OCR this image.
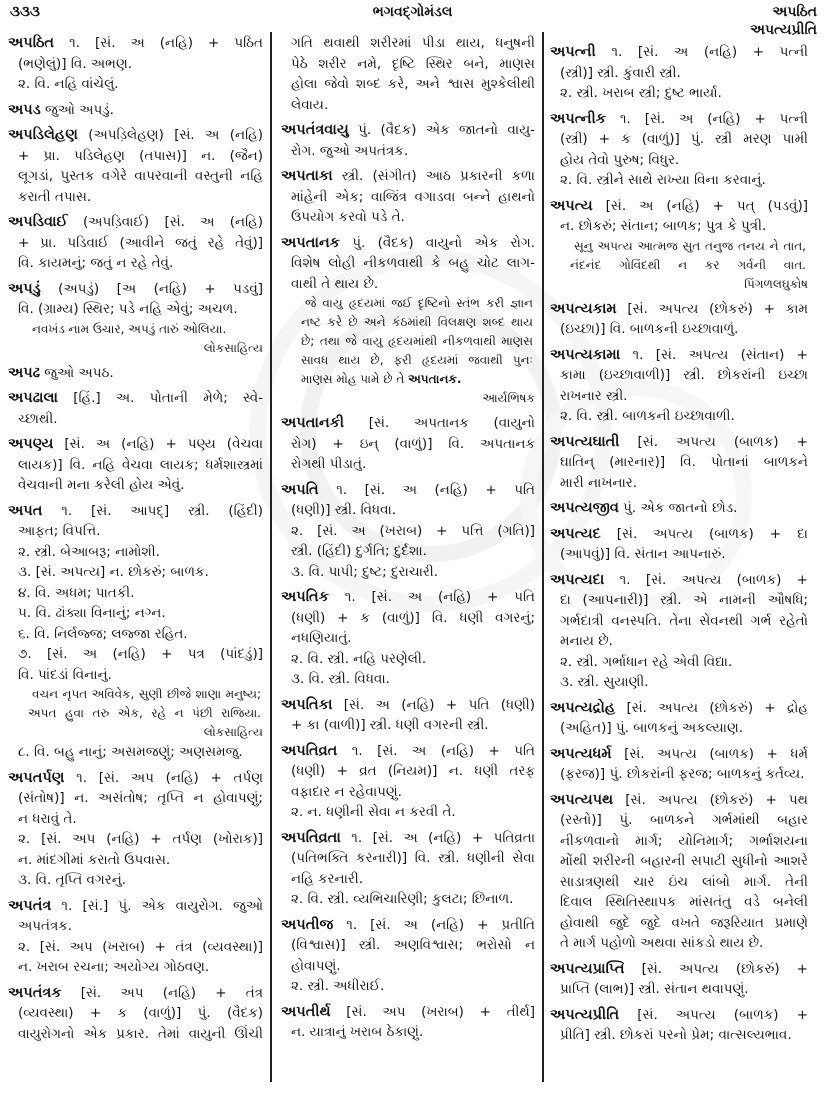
૩૩૩	ભગવદ્ગોમંડલ	અપઠિત
અપત્યપ્રીતિ
અપઠિત ૧. [સં. અ (નહિ) + પઠિત
(ભણેલું)] વિ. અભણ.
૨. વિ. નહિ વાંચેલું.
અપડ જુઓ અપડું.
અપડિલેહણ (અપડ઼િલેહણ) [સં. અ (નહિ)
+ પ્રા. પડિલેહણ (તપાસ)] ન. (જૈન)
લૂગડાં, પુસ્તક વગેરે વાપરવાની વસ્તુની નહિ
કરાતી તપાસ.
અપડિવાઈ (અપડ઼િવાઈ) [સં. અ (નહિ)
+ પ્રા. પડિવાઈ (આવીને જતું રહે તેવું)]
વિ. કાયમનું; જતું ન રહે તેવું.
અપડું (અપડું) [અ (નહિ) + પડવું]
વિ. (ગ્રામ્ય) સ્થિર; પડે નહિ એવું; અચળ.
નવખંડ નામ ઉચાર, અપડું તારું ઓલિયા.
લોકસાહિત્ય
અપઢ જુઓ અપઠ.
અપઢાલા [હિં.] અ. પોતાની મેળે; સ્વે-
ચ્છાથી.
અપણ્ય [સં. અ (નહિ) + પણ્ય (વેચવા
લાયક)] વિ. નહિ વેચવા લાયક; ધર્મશાસ્ત્રમાં
વેચવાની મના કરેલી હોય એવું.
અપત ૧. [સં. આપદ્] સ્ત્રી. (હિંદી)
આફત; વિપત્તિ.
૨. સ્ત્રી. બેઆબરૂ; નામોશી.
૩. [સં. અપત્ય] ન. છોકરું; બાળક.
૪. વિ. અધમ; પાતકી.
૫. વિ. ઢાંક્યા વિનાનું; નગ્ન.
૬. વિ. નિર્લજ્જ; લજ્જા રહિત.
૭. [સં. અ (નહિ) + પત્ર (પાંદડું)]
વિ. પાંદડાં વિનાનું.
વચન નૃપત અવિવેક, સુણી છીજે શાણા મનુષ્ય;
અપત હુવા તરુ એક, રહે ન પંછી રાજિયા.
લોકસાહિત્ય
૮. વિ. બહુ નાનું; અસમજણું; અણસમજુ.
અપતર્પણ ૧. [સં. અપ (નહિ) + તર્પણ
(સંતોષ)] ન. અસંતોષ; તૃપ્તિ ન હોવાપણું;
ન ધરાવું તે.
૨. [સં. અપ (નહિ) + તર્પણ (ખોરાક)]
ન. માંદગીમાં કરાતો ઉપવાસ.
૩. વિ. તૃપ્તિ વગરનું.
અપતંત્ર ૧. [સં.] પું. એક વાયુરોગ. જુઓ
અપતંત્રક.
૨. [સં. અપ (ખરાબ) + તંત્ર (વ્યવસ્થા)]
ન. ખરાબ રચના; અયોગ્ય ગોઠવણ.
અપતંત્રક [સં. અપ (નહિ) + તંત્ર
(વ્યવસ્થા) + ક (વાળું)] પું. (વૈદક)
વાયુરોગનો એક પ્રકાર. તેમાં વાયુની ઊંચી
ગતિ થવાથી શરીરમાં પીડા થાય, ધનુષની
પેઠે શરીર નમે, દૃષ્ટિ સ્થિર બને, માણસ
હોલા જેવો શબ્દ કરે, અને શ્વાસ મુશ્કેલીથી
લેવાય.
અપતંત્રવાયુ પું. (વૈદક) એક જાતનો વાયુ-
રોગ. જુઓ અપતંત્રક.
અપતાકા સ્ત્રી. (સંગીત) આઠ પ્રકારની કળા
માંહેની એક; વાજિંત્ર વગાડવા બન્ને હાથનો
ઉપયોગ કરવો પડે તે.
અપતાનક પું. (વૈદક) વાયુનો એક રોગ.
વિશેષ લોહી નીકળવાથી કે બહુ ચોટ લાગ-
વાથી તે થાય છે.
જે વાયુ હૃદયમાં જઈ દૃષ્ટિનો સ્તંભ કરી જ્ઞાન
નષ્ટ કરે છે અને કંઠમાંથી વિલક્ષણ શબ્દ થાય
છે; તથા જે વાયુ હૃદયમાંથી નીકળવાથી માણસ
સાવધ થાય છે, ફરી હૃદયમાં જવાથી પુનઃ
માણસ મોહ પામે છે તે અપતાનક.
આર્યભિષક
અપતાનકી [સં. અપતાનક (વાયુનો
રોગ) + ઇન્ (વાળું)] વિ. અપતાનક
રોગથી પીડાતું.
અપતિ ૧. [સં. અ (નહિ) + પતિ
(ધણી)] સ્ત્રી. વિધવા.
૨. [સં. અ (ખરાબ) + પત્તિ (ગતિ)]
સ્ત્રી. (હિંદી) દુર્ગતિ; દુર્દશા.
૩. વિ. પાપી; દુષ્ટ; દુરાચારી.
અપતિક ૧. [સં. અ (નહિ) + પતિ
(ધણી) + ક (વાળું)] વિ. ધણી વગરનું;
નધણિયાતું.
૨. વિ. સ્ત્રી. નહિ પરણેલી.
૩. વિ. સ્ત્રી. વિધવા.
અપતિકા [સં. અ (નહિ) + પતિ (ધણી)
+ કા (વાળી)] સ્ત્રી. ધણી વગરની સ્ત્રી.
અપતિવ્રત ૧. [સં. અ (નહિ) + પતિ
(ધણી) + વ્રત (નિયમ)] ન. ધણી તરફ
વફાદાર ન રહેવાપણું.
૨. ન. ધણીની સેવા ન કરવી તે.
અપતિવ્રતા ૧. [સં. અ (નહિ) + પતિવ્રતા
(પતિભક્તિ કરનારી)] વિ. સ્ત્રી. ધણીની સેવા
નહિ કરનારી.
૨. વિ. સ્ત્રી. વ્યભિચારિણી; કુલટા; છિનાળ.
અપતીજ ૧. [સં. અ (નહિ) + પ્રતીતિ
(વિશ્વાસ)] સ્ત્રી. અણવિશ્વાસ; ભરોસો ન
હોવાપણું.
૨. સ્ત્રી. અધીરાઈ.
અપતીર્થ [સં. અપ (ખરાબ) + તીર્થ]
ન. યાત્રાનું ખરાબ ઠેકાણું.
અપત્ની ૧. [સં. અ (નહિ) + પત્ની
(સ્ત્રી)] સ્ત્રી. કુંવારી સ્ત્રી.
૨. સ્ત્રી. ખરાબ સ્ત્રી; દુષ્ટ ભાર્યા.
અપત્નીક ૧. [સં. અ (નહિ) + પત્ની
(સ્ત્રી) + ક (વાળું)] પું. સ્ત્રી મરણ પામી
હોય તેવો પુરુષ; વિધુર.
૨. વિ. સ્ત્રીને સાથે રાખ્યા વિના કરવાનું.
અપત્ય [સં. અ (નહિ) + પત્ (પડવું)]
ન. છોકરું; સંતાન; બાળક; પુત્ર કે પુત્રી.
સૂનુ અપત્ય આત્મજ સુત તનુજ તનય ને તાત,
નંદનંદ ગોવિંદથી ન કર ગર્વની વાત.
પિંગળલઘુકોષ
અપત્યકામ [સં. અપત્ય (છોકરું) + કામ
(ઇચ્છા)] વિ. બાળકની ઇચ્છાવાળું.
અપત્યકામા ૧. [સં. અપત્ય (સંતાન) +
કામા (ઇચ્છાવાળી)] સ્ત્રી. છોકરાંની ઇચ્છા
રાખનાર સ્ત્રી.
૨. વિ. સ્ત્રી. બાળકની ઇચ્છાવાળી.
અપત્યઘાતી [સં. અપત્ય (બાળક) +
ઘાતિન્ (મારનાર)] વિ. પોતાનાં બાળકને
મારી નાખનાર.
અપત્યજીવ પું. એક જાતનો છોડ.
અપત્યદ [સં. અપત્ય (બાળક) + દા
(આપવું)] વિ. સંતાન આપનારું.
અપત્યદા ૧. [સં. અપત્ય (બાળક) +
દા (આપનારી)] સ્ત્રી. એ નામની ઔષધિ;
ગર્ભદાત્રી વનસ્પતિ. તેના સેવનથી ગર્ભ રહેતો
મનાય છે.
૨. સ્ત્રી. ગર્ભાધાન રહે એવી વિદ્યા.
૩. સ્ત્રી. સુયાણી.
અપત્યદ્રોહ [સં. અપત્ય (છોકરું) + દ્રોહ
(અહિત)] પું. બાળકનું અકલ્યાણ.
અપત્યધર્મ [સં. અપત્ય (બાળક) + ધર્મ
(ફરજ)] પું. છોકરાંની ફરજ; બાળકનું કર્તવ્ય.
અપત્યપથ [સં. અપત્ય (છોકરું) + પથ
(રસ્તો)] પું. બાળકને ગર્ભમાંથી બહાર
નીકળવાનો માર્ગ; યોનિમાર્ગ; ગર્ભાશયના
મોંથી શરીરની બહારની સપાટી સુધીનો આશરે
સાડાત્રણથી ચાર ઇંચ લાંબો માર્ગ. તેની
દિવાલ સ્થિતિસ્થાપક માંસતંતુ વડે બનેલી
હોવાથી જુદે જુદે વખતે જરૂરિયાત પ્રમાણે
તે માર્ગ પહોળો અથવા સાંકડો થાય છે.
અપત્યપ્રાપ્તિ [સં. અપત્ય (છોકરું) +
પ્રાપ્તિ (લાભ)] સ્ત્રી. સંતાન થવાપણું.
અપત્યપ્રીતિ [સં. અપત્ય (બાળક) +
પ્રીતિ] સ્ત્રી. છોકરાં પરનો પ્રેમ; વાત્સલ્યભાવ.
